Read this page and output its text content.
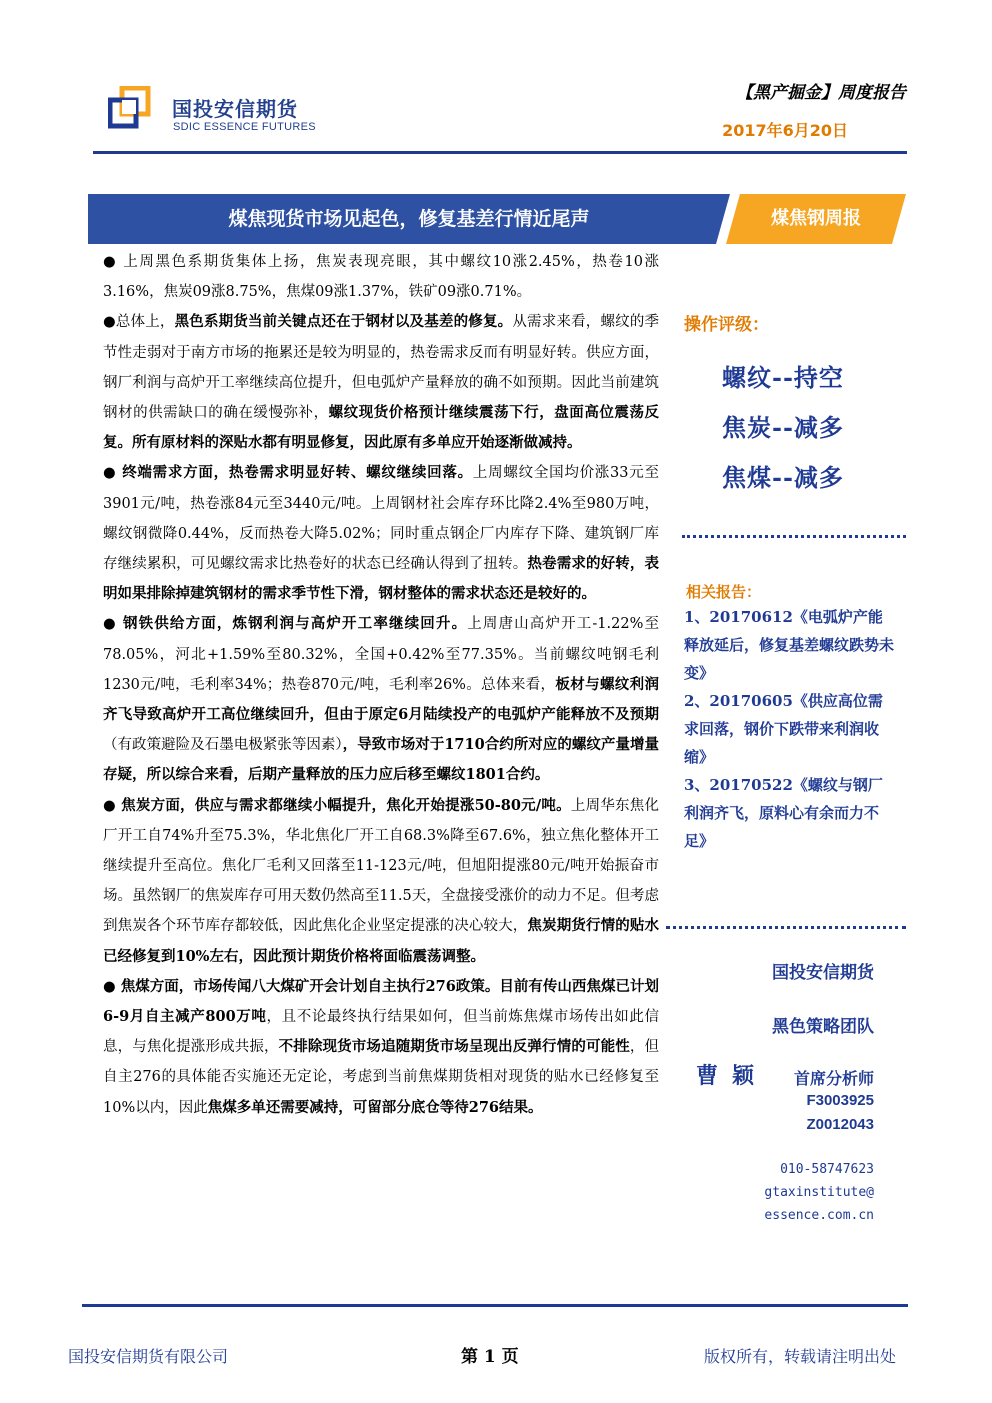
国投安信期货
SDIC ESSENCE FUTURES
【黑产掘金】周度报告
2017年6月20日
煤焦现货市场见起色，修复基差行情近尾声	煤焦钢周报

● 上周黑色系期货集体上扬，焦炭表现亮眼，其中螺纹10涨2.45%，热卷10涨3.16%，焦炭09涨8.75%，焦煤09涨1.37%，铁矿09涨0.71%。

●总体上，黑色系期货当前关键点还在于钢材以及基差的修复。从需求来看，螺纹的季节性走弱对于南方市场的拖累还是较为明显的，热卷需求反而有明显好转。供应方面，钢厂利润与高炉开工率继续高位提升，但电弧炉产量释放的确不如预期。因此当前建筑钢材的供需缺口的确在缓慢弥补，螺纹现货价格预计继续震荡下行，盘面高位震荡反复。所有原材料的深贴水都有明显修复，因此原有多单应开始逐渐做减持。

● 终端需求方面，热卷需求明显好转、螺纹继续回落。上周螺纹全国均价涨33元至3901元/吨，热卷涨84元至3440元/吨。上周钢材社会库存环比降2.4%至980万吨，螺纹钢微降0.44%，反而热卷大降5.02%；同时重点钢企厂内库存下降、建筑钢厂库存继续累积，可见螺纹需求比热卷好的状态已经确认得到了扭转。热卷需求的好转，表明如果排除掉建筑钢材的需求季节性下滑，钢材整体的需求状态还是较好的。

● 钢铁供给方面，炼钢利润与高炉开工率继续回升。上周唐山高炉开工-1.22%至78.05%，河北+1.59%至80.32%，全国+0.42%至77.35%。当前螺纹吨钢毛利1230元/吨，毛利率34%；热卷870元/吨，毛利率26%。总体来看，板材与螺纹利润齐飞导致高炉开工高位继续回升，但由于原定6月陆续投产的电弧炉产能释放不及预期（有政策避险及石墨电极紧张等因素），导致市场对于1710合约所对应的螺纹产量增量存疑，所以综合来看，后期产量释放的压力应后移至螺纹1801合约。

● 焦炭方面，供应与需求都继续小幅提升，焦化开始提涨50-80元/吨。上周华东焦化厂开工自74%升至75.3%，华北焦化厂开工自68.3%降至67.6%，独立焦化整体开工继续提升至高位。焦化厂毛利又回落至11-123元/吨，但旭阳提涨80元/吨开始振奋市场。虽然钢厂的焦炭库存可用天数仍然高至11.5天，全盘接受涨价的动力不足。但考虑到焦炭各个环节库存都较低，因此焦化企业坚定提涨的决心较大，焦炭期货行情的贴水已经修复到10%左右，因此预计期货价格将面临震荡调整。

● 焦煤方面，市场传闻八大煤矿开会计划自主执行276政策。目前有传山西焦煤已计划6-9月自主减产800万吨，且不论最终执行结果如何，但当前炼焦煤市场传出如此信息，与焦化提涨形成共振，不排除现货市场追随期货市场呈现出反弹行情的可能性，但自主276的具体能否实施还无定论，考虑到当前焦煤期货相对现货的贴水已经修复至10%以内，因此焦煤多单还需要减持，可留部分底仓等待276结果。

操作评级：
螺纹--持空
焦炭--减多
焦煤--减多
相关报告：

1、20170612《电弧炉产能释放延后，修复基差螺纹跌势未变》

2、20170605《供应高位需求回落，钢价下跌带来利润收缩》

3、20170522《螺纹与钢厂利润齐飞，原料心有余而力不足》

国投安信期货
黑色策略团队
曹颖 首席分析师
F3003925
Z0012043
010-58747623
gtaxinstitute@
essence.com.cn
国投安信期货有限公司	第 1 页	版权所有，转载请注明出处
